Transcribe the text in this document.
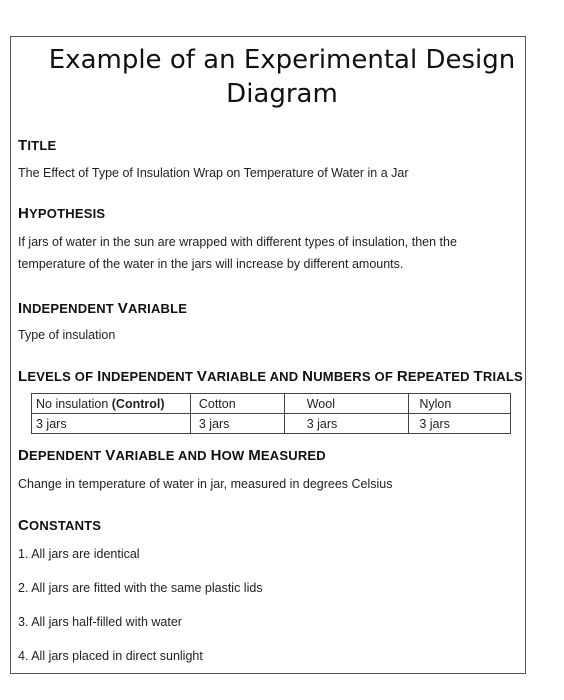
Example of an Experimental Design
Diagram
TITLE
The Effect of Type of Insulation Wrap on Temperature of Water in a Jar
HYPOTHESIS
If jars of water in the sun are wrapped with different types of insulation, then the
temperature of the water in the jars will increase by different amounts.
INDEPENDENT VARIABLE
Type of insulation
LEVELS OF INDEPENDENT VARIABLE AND NUMBERS OF REPEATED TRIALS
No insulation (Control)	Cotton	Wool	Nylon
3 jars	3 jars	3 jars	3 jars
DEPENDENT VARIABLE AND HOW MEASURED
Change in temperature of water in jar, measured in degrees Celsius
CONSTANTS
1. All jars are identical
2. All jars are fitted with the same plastic lids
3. All jars half-filled with water
4. All jars placed in direct sunlight
